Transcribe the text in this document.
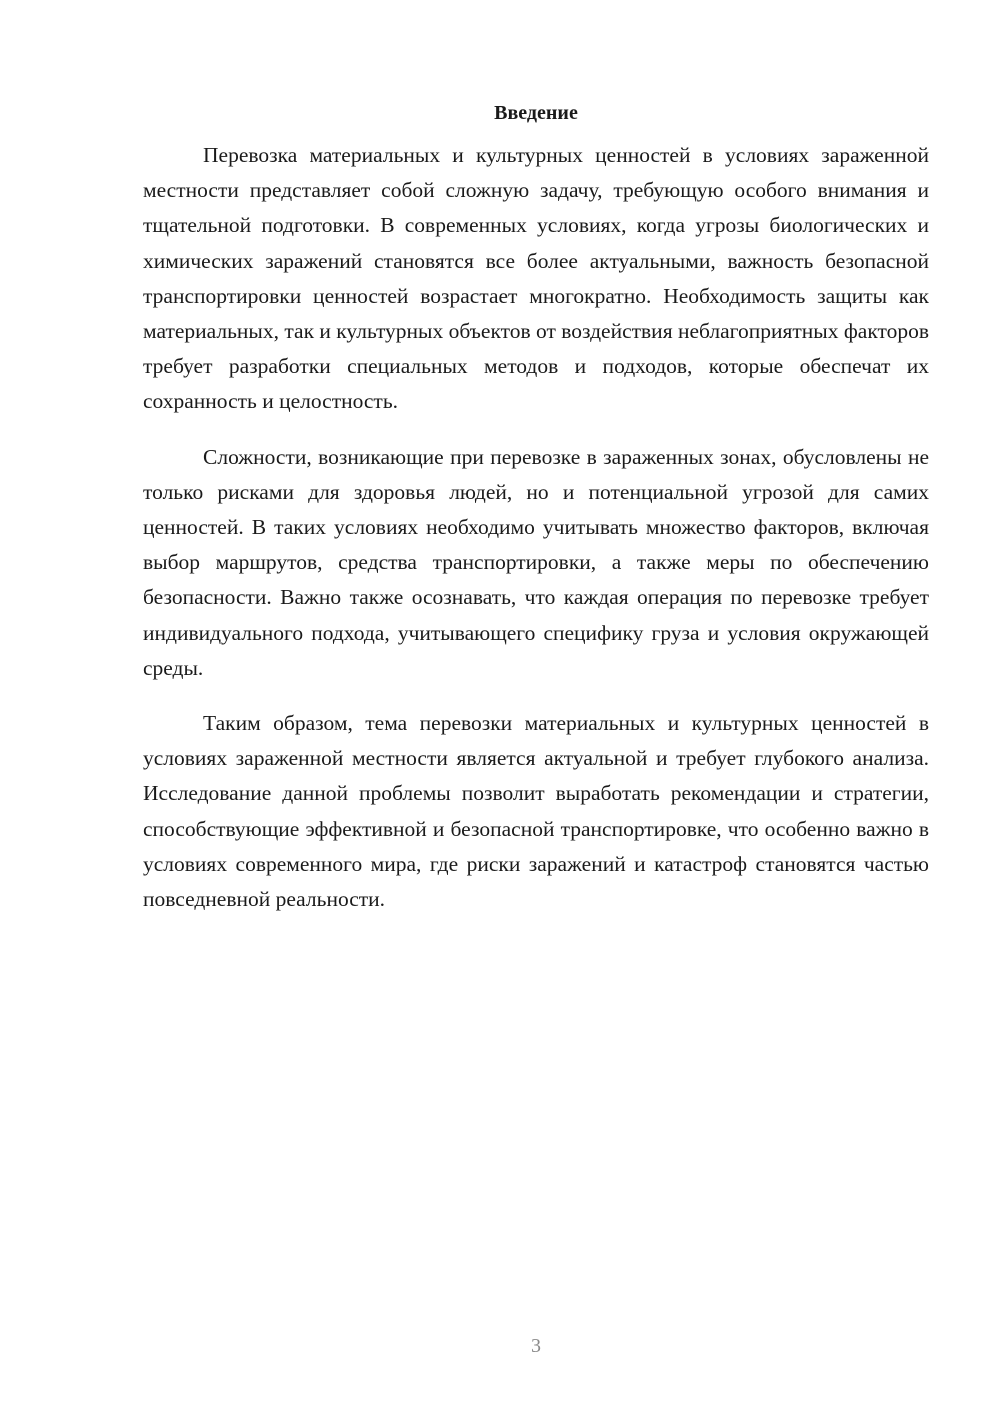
Введение

Перевозка материальных и культурных ценностей в условиях зараженной местности представляет собой сложную задачу, требующую особого внимания и тщательной подготовки. В современных условиях, когда угрозы биологических и химических заражений становятся все более актуальными, важность безопасной транспортировки ценностей возрастает многократно. Необходимость защиты как материальных, так и культурных объектов от воздействия неблагоприятных факторов требует разработки специальных методов и подходов, которые обеспечат их сохранность и целостность.

Сложности, возникающие при перевозке в зараженных зонах, обусловлены не только рисками для здоровья людей, но и потенциальной угрозой для самих ценностей. В таких условиях необходимо учитывать множество факторов, включая выбор маршрутов, средства транспортировки, а также меры по обеспечению безопасности. Важно также осознавать, что каждая операция по перевозке требует индивидуального подхода, учитывающего специфику груза и условия окружающей среды.

Таким образом, тема перевозки материальных и культурных ценностей в условиях зараженной местности является актуальной и требует глубокого анализа. Исследование данной проблемы позволит выработать рекомендации и стратегии, способствующие эффективной и безопасной транспортировке, что особенно важно в условиях современного мира, где риски заражений и катастроф становятся частью повседневной реальности.

3
